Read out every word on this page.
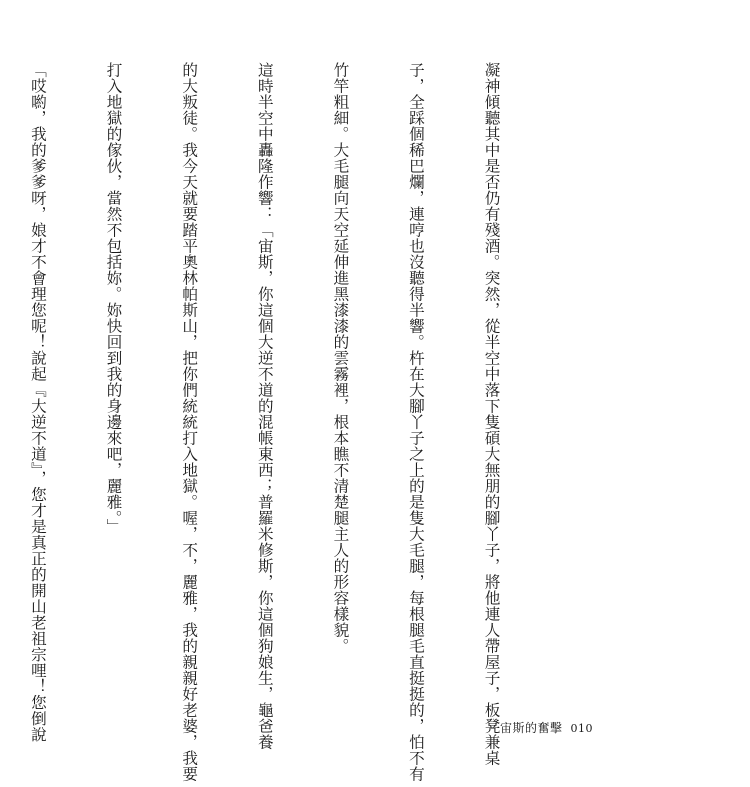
凝神傾聽其中是否仍有殘酒。突然，從半空中落下隻碩大無朋的腳丫子，將他連人帶屋子，板凳兼桌

子，全踩個稀巴爛，連哼也沒聽得半響。杵在大腳丫子之上的是隻大毛腿，每根腿毛直挺挺的，怕不有

竹竿粗細。大毛腿向天空延伸進黑漆漆的雲霧裡，根本瞧不清楚腿主人的形容樣貌。

這時半空中轟隆作響：「宙斯，你這個大逆不道的混帳東西；普羅米修斯，你這個狗娘生，龜爸養

的大叛徒。我今天就要踏平奧林帕斯山，把你們統統打入地獄。喔，不，麗雅，我的親親好老婆，我要

打入地獄的傢伙，當然不包括妳。妳快回到我的身邊來吧，麗雅。」

「哎喲，我的爹爹呀，娘才不會理您呢！說起『大逆不道』，您才是真正的開山老祖宗哩！您倒說

	宙斯的奮擊 010
